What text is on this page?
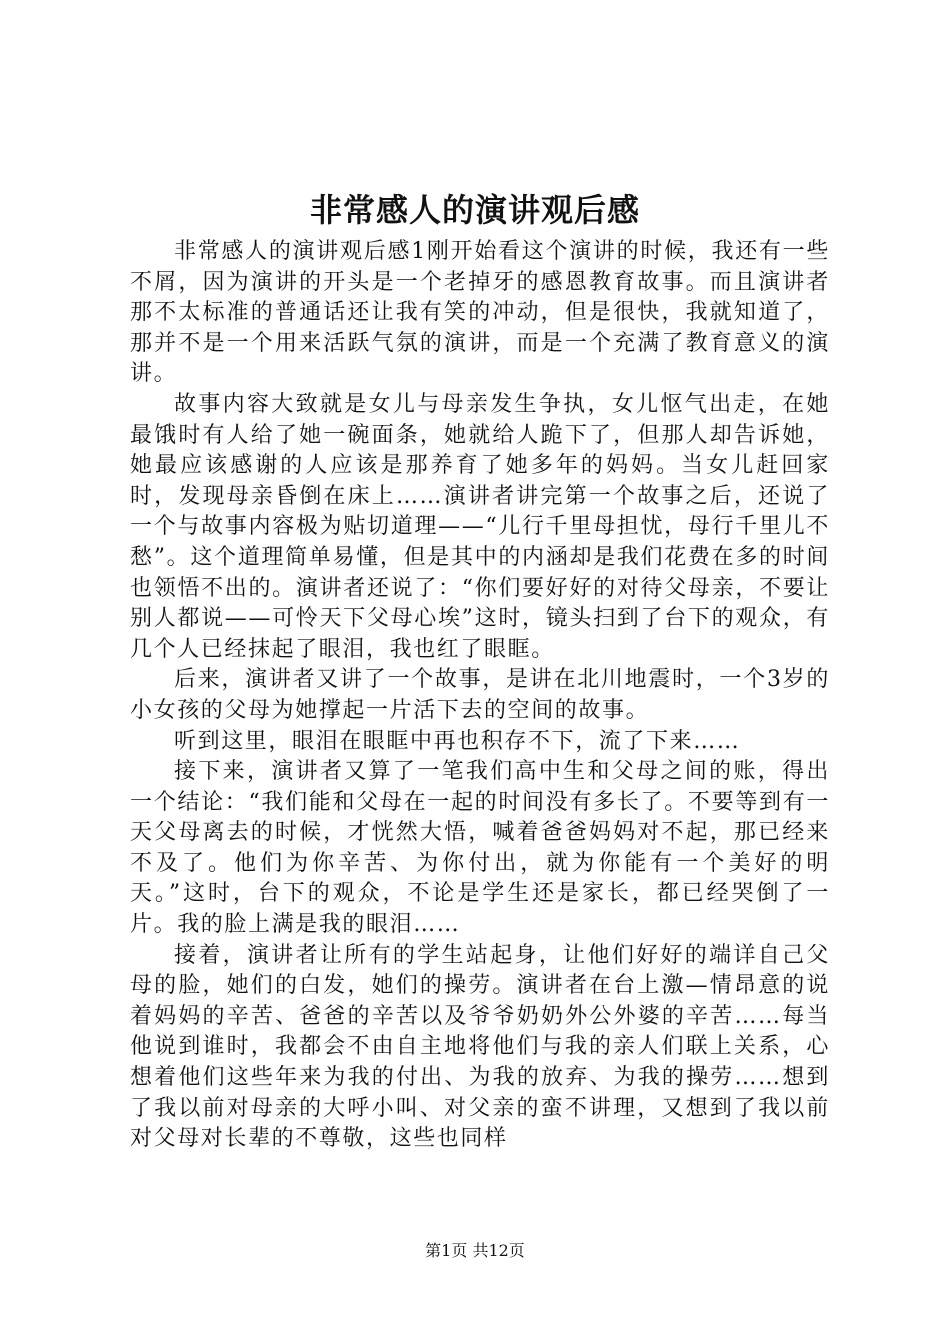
非常感人的演讲观后感

非常感人的演讲观后感1刚开始看这个演讲的时候，我还有一些不屑，因为演讲的开头是一个老掉牙的感恩教育故事。而且演讲者那不太标准的普通话还让我有笑的冲动，但是很快，我就知道了，那并不是一个用来活跃气氛的演讲，而是一个充满了教育意义的演讲。

故事内容大致就是女儿与母亲发生争执，女儿怄气出走，在她最饿时有人给了她一碗面条，她就给人跪下了，但那人却告诉她，她最应该感谢的人应该是那养育了她多年的妈妈。当女儿赶回家时，发现母亲昏倒在床上……演讲者讲完第一个故事之后，还说了一个与故事内容极为贴切道理——“儿行千里母担忧，母行千里儿不愁”。这个道理简单易懂，但是其中的内涵却是我们花费在多的时间也领悟不出的。演讲者还说了：“你们要好好的对待父母亲，不要让别人都说——可怜天下父母心埃”这时，镜头扫到了台下的观众，有几个人已经抹起了眼泪，我也红了眼眶。

后来，演讲者又讲了一个故事，是讲在北川地震时，一个3岁的小女孩的父母为她撑起一片活下去的空间的故事。

听到这里，眼泪在眼眶中再也积存不下，流了下来……

接下来，演讲者又算了一笔我们高中生和父母之间的账，得出一个结论：“我们能和父母在一起的时间没有多长了。不要等到有一天父母离去的时候，才恍然大悟，喊着爸爸妈妈对不起，那已经来不及了。他们为你辛苦、为你付出，就为你能有一个美好的明天。”这时，台下的观众，不论是学生还是家长，都已经哭倒了一片。我的脸上满是我的眼泪……

接着，演讲者让所有的学生站起身，让他们好好的端详自己父母的脸，她们的白发，她们的操劳。演讲者在台上激—情昂意的说着妈妈的辛苦、爸爸的辛苦以及爷爷奶奶外公外婆的辛苦……每当他说到谁时，我都会不由自主地将他们与我的亲人们联上关系，心想着他们这些年来为我的付出、为我的放弃、为我的操劳……想到了我以前对母亲的大呼小叫、对父亲的蛮不讲理，又想到了我以前对父母对长辈的不尊敬，这些也同样

第1页 共12页
